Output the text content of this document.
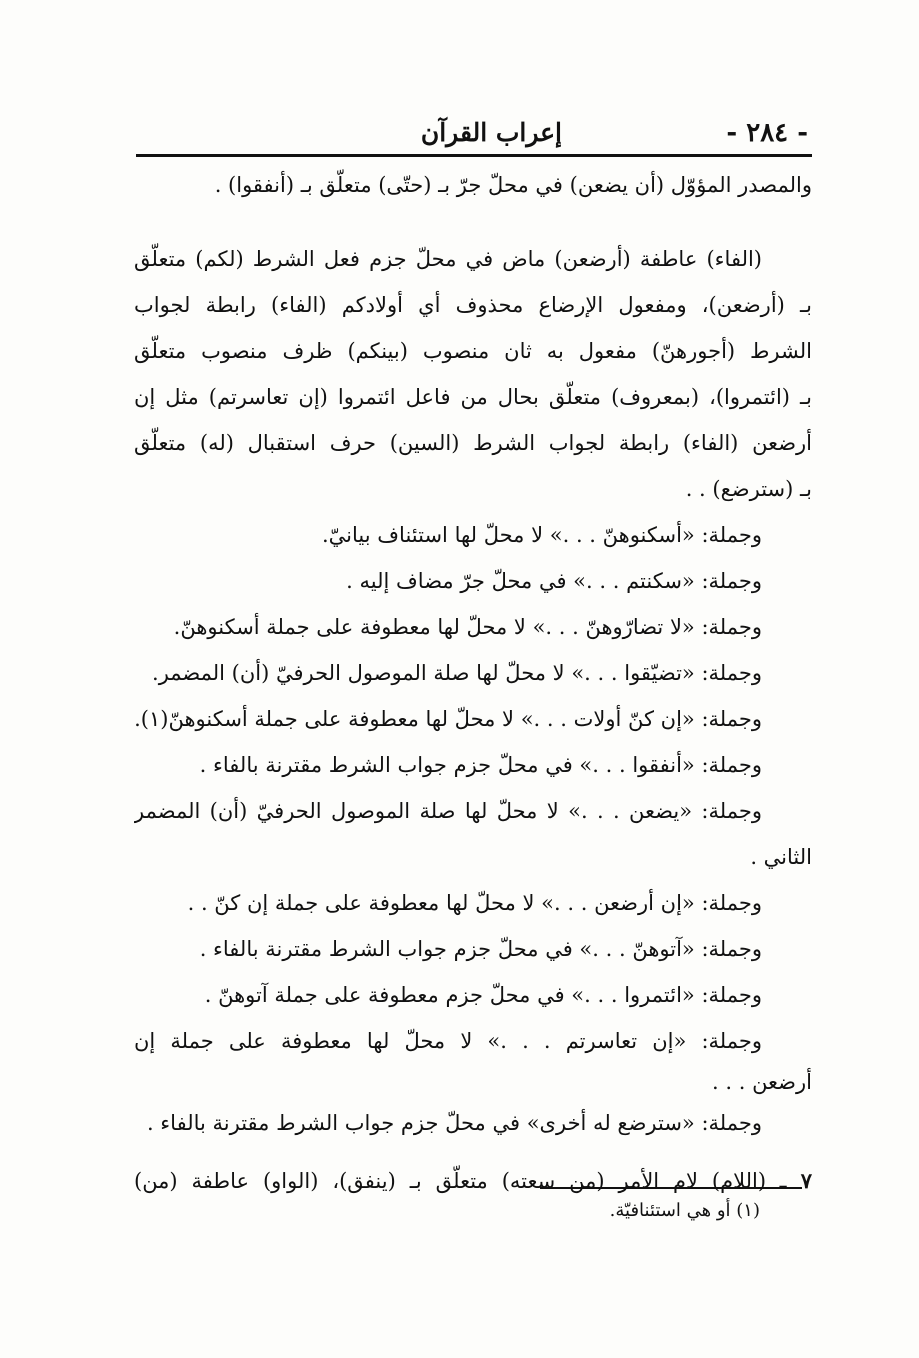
- ٢٨٤ -
إعراب القرآن
والمصدر المؤوّل (أن يضعن) في محلّ جرّ بـ (حتّى) متعلّق بـ (أنفقوا) .
(الفاء) عاطفة (أرضعن) ماض في محلّ جزم فعل الشرط (لكم) متعلّق
بـ (أرضعن)، ومفعول الإرضاع محذوف أي أولادكم (الفاء) رابطة لجواب
الشرط (أجورهنّ) مفعول به ثان منصوب (بينكم) ظرف منصوب متعلّق
بـ (ائتمروا)، (بمعروف) متعلّق بحال من فاعل ائتمروا (إن تعاسرتم) مثل إن
أرضعن (الفاء) رابطة لجواب الشرط (السين) حرف استقبال (له) متعلّق
بـ (سترضع) . .
وجملة: «أسكنوهنّ . . .» لا محلّ لها استئناف بيانيّ.
وجملة: «سكنتم . . .» في محلّ جرّ مضاف إليه .
وجملة: «لا تضارّوهنّ . . .» لا محلّ لها معطوفة على جملة أسكنوهنّ.
وجملة: «تضيّقوا . . .» لا محلّ لها صلة الموصول الحرفيّ (أن) المضمر.
وجملة: «إن كنّ أولات . . .» لا محلّ لها معطوفة على جملة أسكنوهنّ(١).
وجملة: «أنفقوا . . .» في محلّ جزم جواب الشرط مقترنة بالفاء .
وجملة: «يضعن . . .» لا محلّ لها صلة الموصول الحرفيّ (أن) المضمر
الثاني .
وجملة: «إن أرضعن . . .» لا محلّ لها معطوفة على جملة إن كنّ . .
وجملة: «آتوهنّ . . .» في محلّ جزم جواب الشرط مقترنة بالفاء .
وجملة: «ائتمروا . . .» في محلّ جزم معطوفة على جملة آتوهنّ .
وجملة: «إن تعاسرتم . . .» لا محلّ لها معطوفة على جملة إن
أرضعن . . .
وجملة: «سترضع له أخرى» في محلّ جزم جواب الشرط مقترنة بالفاء .
٧ ـ (اللام) لام الأمر (من سعته) متعلّق بـ (ينفق)، (الواو) عاطفة (من)
(١) أو هي استئنافيّة.
